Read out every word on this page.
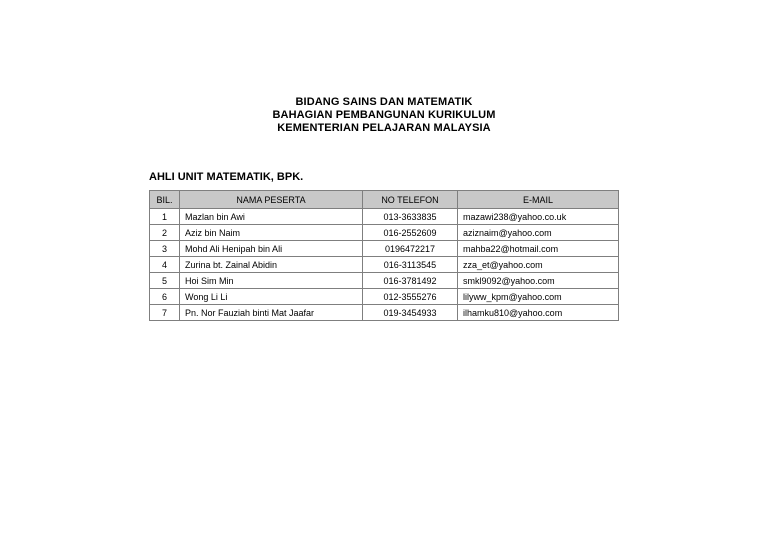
BIDANG SAINS DAN MATEMATIK
BAHAGIAN PEMBANGUNAN KURIKULUM
KEMENTERIAN PELAJARAN MALAYSIA
AHLI UNIT MATEMATIK, BPK.
BIL.	NAMA PESERTA	NO TELEFON	E-MAIL
1	Mazlan bin Awi	013-3633835	mazawi238@yahoo.co.uk
2	Aziz bin Naim	016-2552609	aziznaim@yahoo.com
3	Mohd Ali Henipah bin Ali	0196472217	mahba22@hotmail.com
4	Zurina bt. Zainal Abidin	016-3113545	zza_et@yahoo.com
5	Hoi Sim Min	016-3781492	smkl9092@yahoo.com
6	Wong Li Li	012-3555276	lilyww_kpm@yahoo.com
7	Pn. Nor Fauziah binti Mat Jaafar	019-3454933	ilhamku810@yahoo.com
